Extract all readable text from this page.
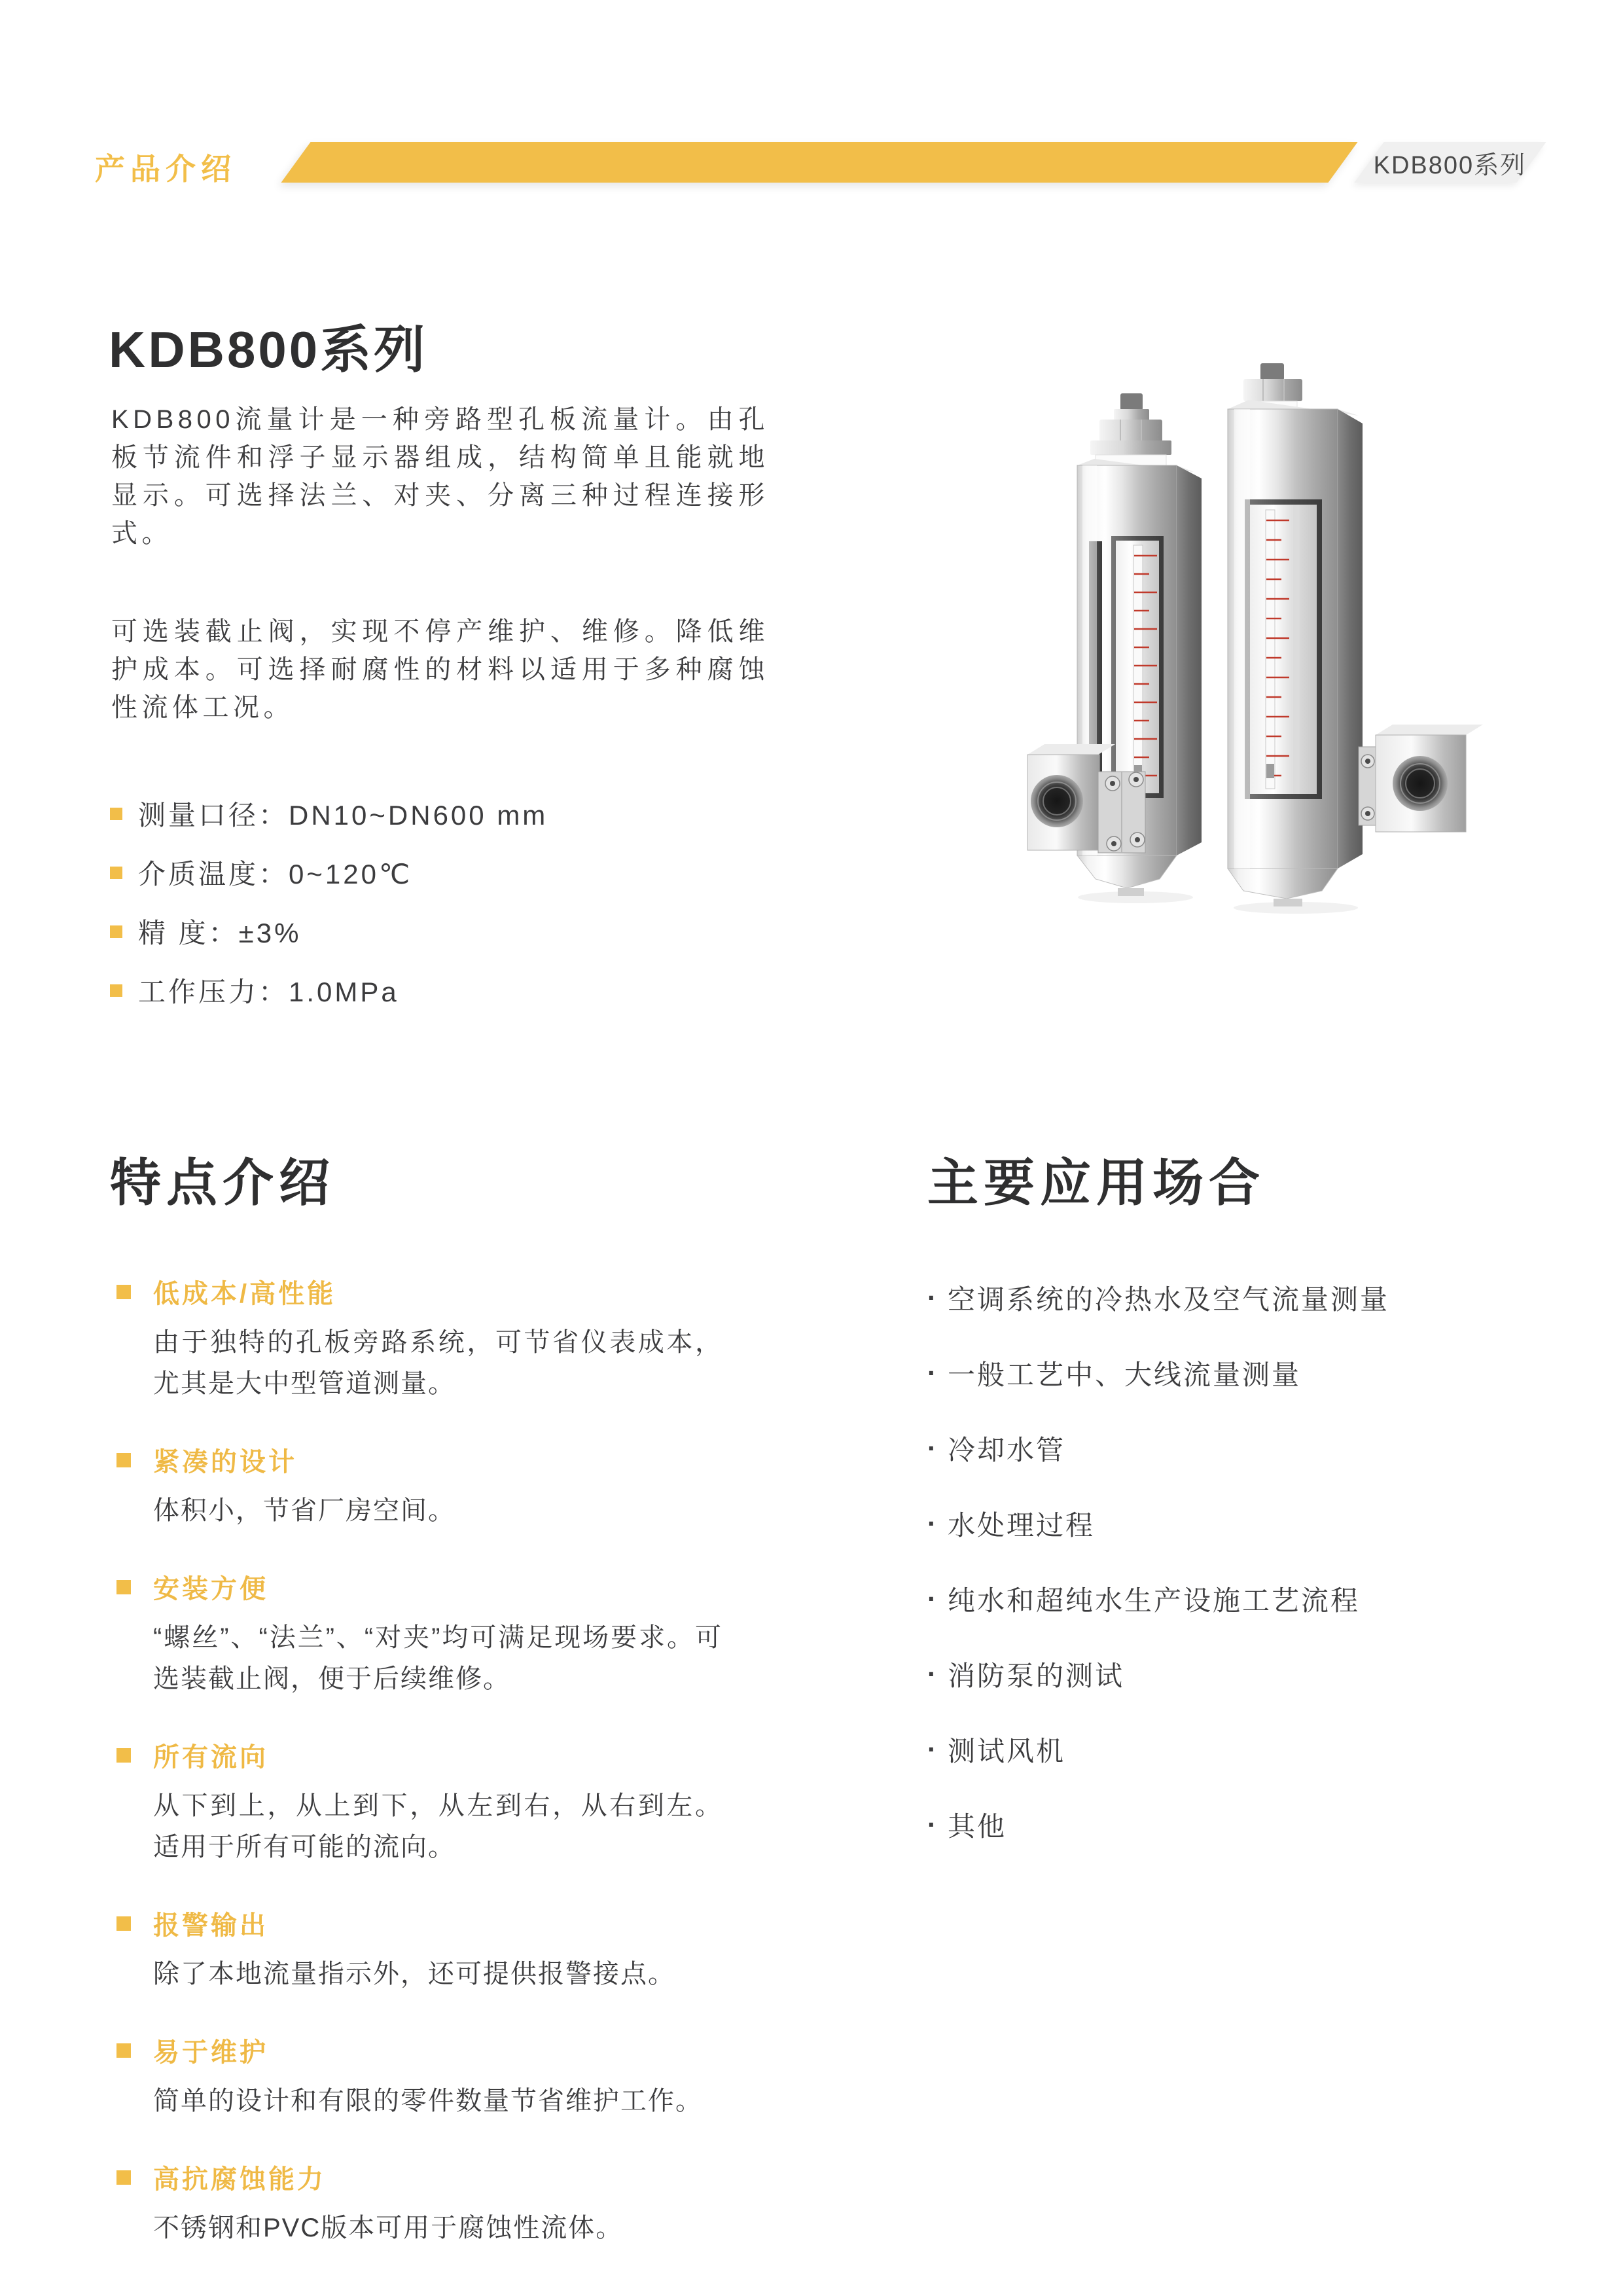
产品介绍	KDB800系列
KDB800系列

KDB800流量计是一种旁路型孔板流量计。由孔板节流件和浮子显示器组成，结构简单且能就地显示。可选择法兰、对夹、分离三种过程连接形式。

可选装截止阀，实现不停产维护、维修。降低维护成本。可选择耐腐性的材料以适用于多种腐蚀性流体工况。

测量口径：DN10~DN600 mm
介质温度：0~120℃
精 度：±3%
工作压力：1.0MPa
特点介绍
低成本/高性能
由于独特的孔板旁路系统，可节省仪表成本，尤其是大中型管道测量。
紧凑的设计
体积小，节省厂房空间。
安装方便
“螺丝”、“法兰”、“对夹”均可满足现场要求。可选装截止阀，便于后续维修。
所有流向
从下到上，从上到下，从左到右，从右到左。适用于所有可能的流向。
报警输出
除了本地流量指示外，还可提供报警接点。
易于维护
简单的设计和有限的零件数量节省维护工作。
高抗腐蚀能力
不锈钢和PVC版本可用于腐蚀性流体。
主要应用场合
· 空调系统的冷热水及空气流量测量
· 一般工艺中、大线流量测量
· 冷却水管
· 水处理过程
· 纯水和超纯水生产设施工艺流程
· 消防泵的测试
· 测试风机
· 其他
